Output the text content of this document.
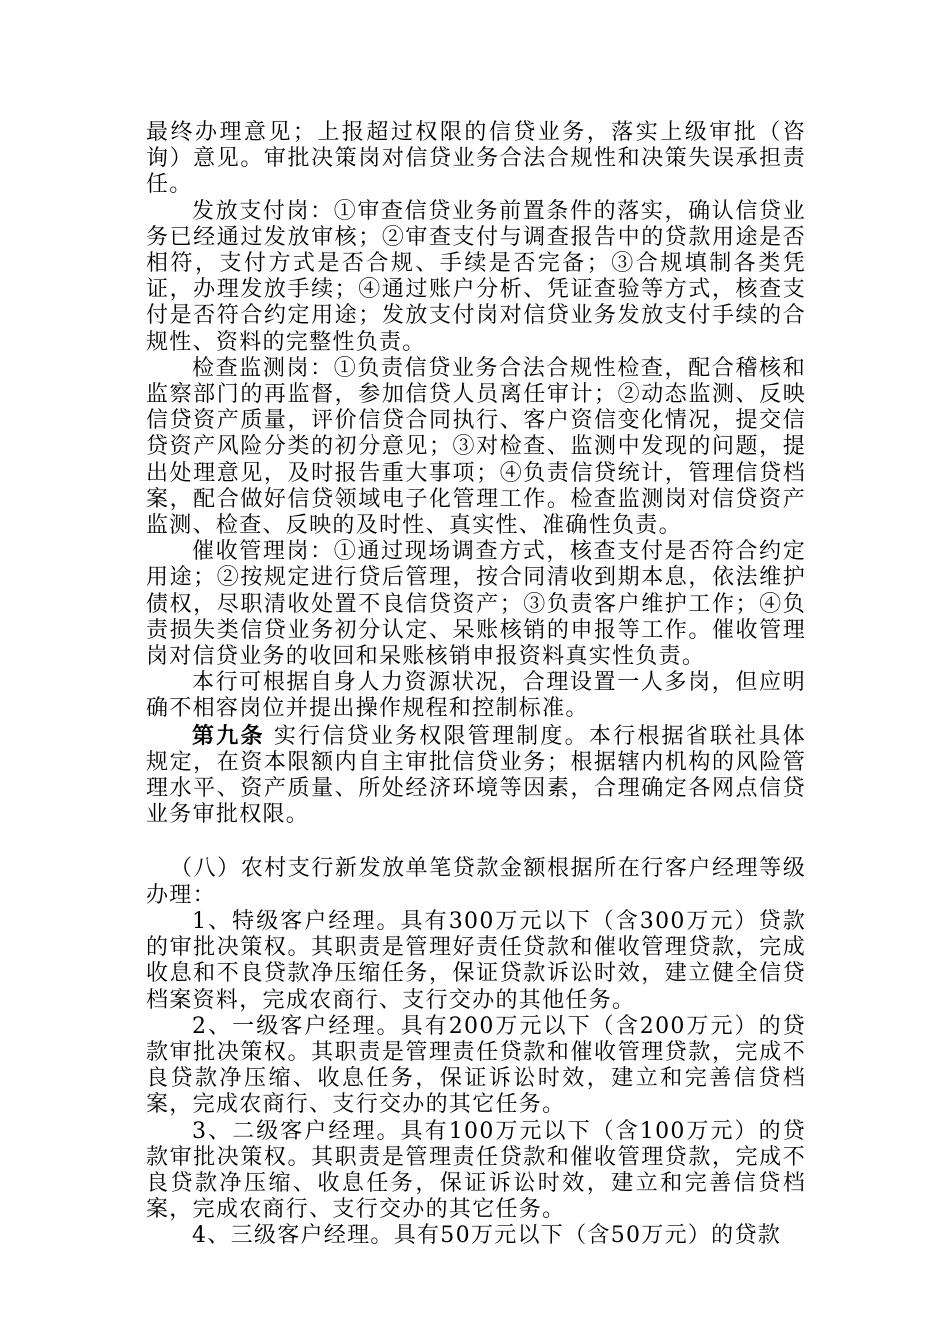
最终办理意见；上报超过权限的信贷业务，落实上级审批（咨询）意见。审批决策岗对信贷业务合法合规性和决策失误承担责任。

发放支付岗：①审查信贷业务前置条件的落实，确认信贷业务已经通过发放审核；②审查支付与调查报告中的贷款用途是否相符，支付方式是否合规、手续是否完备；③合规填制各类凭证，办理发放手续；④通过账户分析、凭证查验等方式，核查支付是否符合约定用途；发放支付岗对信贷业务发放支付手续的合规性、资料的完整性负责。

检查监测岗：①负责信贷业务合法合规性检查，配合稽核和监察部门的再监督，参加信贷人员离任审计；②动态监测、反映信贷资产质量，评价信贷合同执行、客户资信变化情况，提交信贷资产风险分类的初分意见；③对检查、监测中发现的问题，提出处理意见，及时报告重大事项；④负责信贷统计，管理信贷档案，配合做好信贷领域电子化管理工作。检查监测岗对信贷资产监测、检查、反映的及时性、真实性、准确性负责。

催收管理岗：①通过现场调查方式，核查支付是否符合约定用途；②按规定进行贷后管理，按合同清收到期本息，依法维护债权，尽职清收处置不良信贷资产；③负责客户维护工作；④负责损失类信贷业务初分认定、呆账核销的申报等工作。催收管理岗对信贷业务的收回和呆账核销申报资料真实性负责。

本行可根据自身人力资源状况，合理设置一人多岗，但应明确不相容岗位并提出操作规程和控制标准。

第九条 实行信贷业务权限管理制度。本行根据省联社具体规定，在资本限额内自主审批信贷业务；根据辖内机构的风险管理水平、资产质量、所处经济环境等因素，合理确定各网点信贷业务审批权限。

（八）农村支行新发放单笔贷款金额根据所在行客户经理等级办理：

1、特级客户经理。具有300万元以下（含300万元）贷款的审批决策权。其职责是管理好责任贷款和催收管理贷款，完成收息和不良贷款净压缩任务，保证贷款诉讼时效，建立健全信贷档案资料，完成农商行、支行交办的其他任务。

2、一级客户经理。具有200万元以下（含200万元）的贷款审批决策权。其职责是管理责任贷款和催收管理贷款，完成不良贷款净压缩、收息任务，保证诉讼时效，建立和完善信贷档案，完成农商行、支行交办的其它任务。

3、二级客户经理。具有100万元以下（含100万元）的贷款审批决策权。其职责是管理责任贷款和催收管理贷款，完成不良贷款净压缩、收息任务，保证诉讼时效，建立和完善信贷档案，完成农商行、支行交办的其它任务。

4、三级客户经理。具有50万元以下（含50万元）的贷款
